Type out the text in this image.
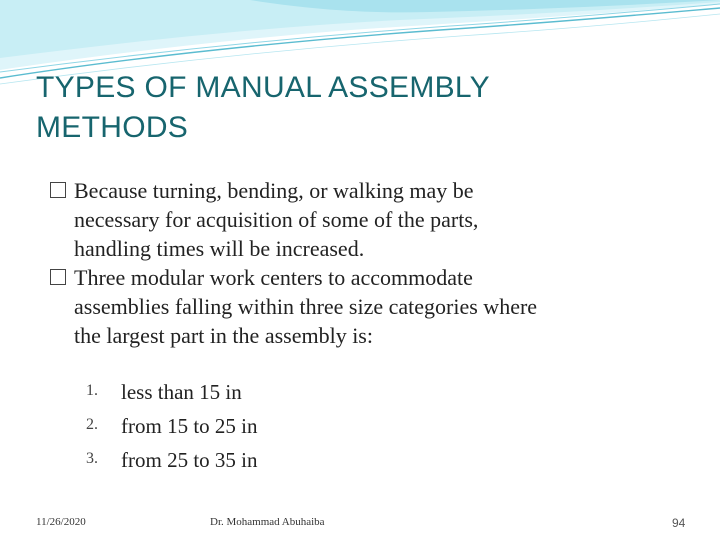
TYPES OF MANUAL ASSEMBLY
METHODS
Because turning, bending, or walking may be
necessary for acquisition of some of the parts,
handling times will be increased.
Three modular work centers to accommodate
assemblies falling within three size categories where
the largest part in the assembly is:
1. less than 15 in
2. from 15 to 25 in
3. from 25 to 35 in
11/26/2020	Dr. Mohammad Abuhaiba	94
